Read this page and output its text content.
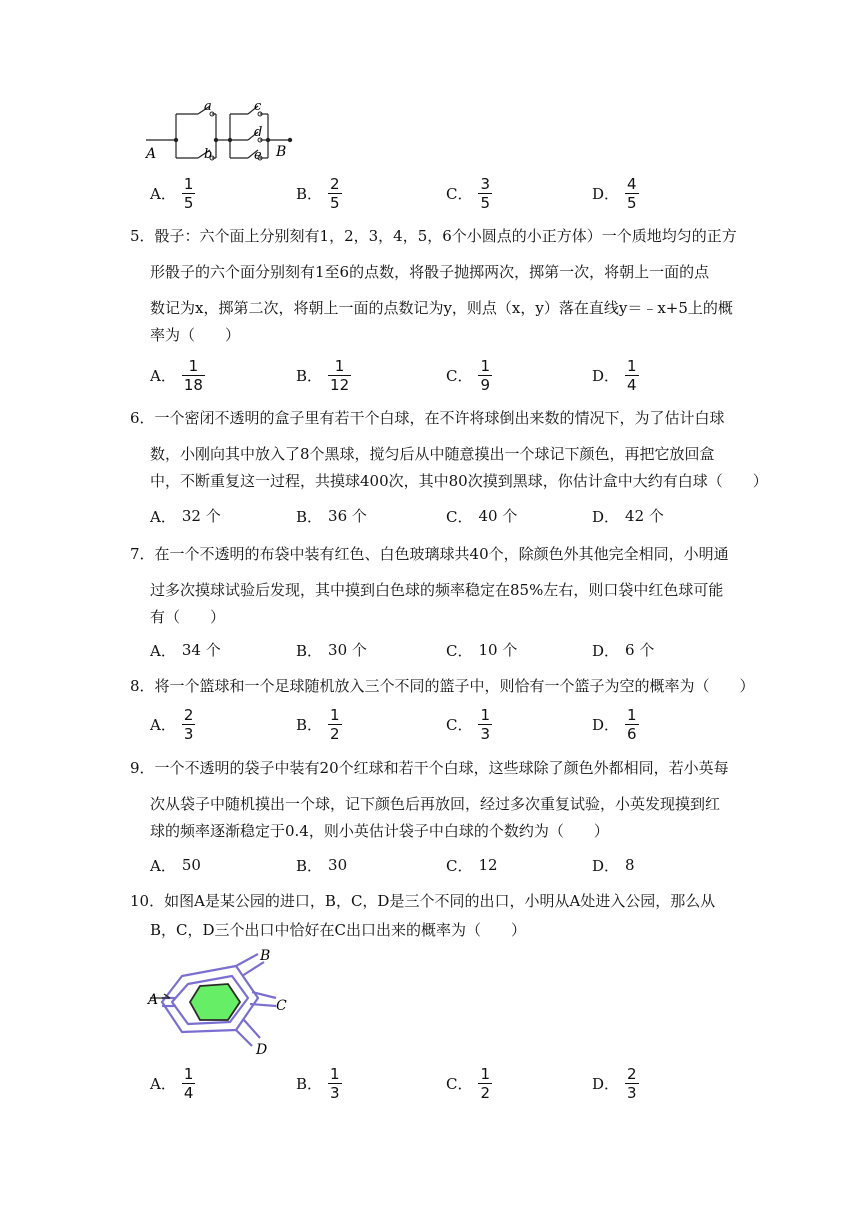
A
a
b
c
d
e B
A． $\frac{1}{5}$	B． $\frac{2}{5}$	C． $\frac{3}{5}$	D． $\frac{4}{5}$
5．骰子：六个面上分别刻有1，2，3，4，5，6个小圆点的小正方体）一个质地均匀的正方
形骰子的六个面分别刻有1至6的点数，将骰子抛掷两次，掷第一次，将朝上一面的点
数记为x，掷第二次，将朝上一面的点数记为y，则点（x，y）落在直线y＝﹣x+5上的概
率为（　　）
A． $\frac{1}{18}$	B． $\frac{1}{12}$	C． $\frac{1}{9}$	D． $\frac{1}{4}$
6．一个密闭不透明的盒子里有若干个白球，在不许将球倒出来数的情况下，为了估计白球
数，小刚向其中放入了8个黑球，搅匀后从中随意摸出一个球记下颜色，再把它放回盒
中，不断重复这一过程，共摸球400次，其中80次摸到黑球，你估计盒中大约有白球（　　）
A． 32 个	B． 36 个	C． 40 个	D． 42 个
7．在一个不透明的布袋中装有红色、白色玻璃球共40个，除颜色外其他完全相同，小明通
过多次摸球试验后发现，其中摸到白色球的频率稳定在85%左右，则口袋中红色球可能
有（　　）
A． 34 个	B． 30 个	C． 10 个	D． 6 个
8．将一个篮球和一个足球随机放入三个不同的篮子中，则恰有一个篮子为空的概率为（　　）
A． $\frac{2}{3}$	B． $\frac{1}{2}$	C． $\frac{1}{3}$	D． $\frac{1}{6}$
9．一个不透明的袋子中装有20个红球和若干个白球，这些球除了颜色外都相同，若小英每
次从袋子中随机摸出一个球，记下颜色后再放回，经过多次重复试验，小英发现摸到红
球的频率逐渐稳定于0.4，则小英估计袋子中白球的个数约为（　　）
A． 50	B． 30	C． 12	D． 8
10．如图A是某公园的进口，B，C，D是三个不同的出口，小明从A处进入公园，那么从
B，C，D三个出口中恰好在C出口出来的概率为（　　）
A
B
C
D
A． $\frac{1}{4}$	B． $\frac{1}{3}$	C． $\frac{1}{2}$	D． $\frac{2}{3}$
